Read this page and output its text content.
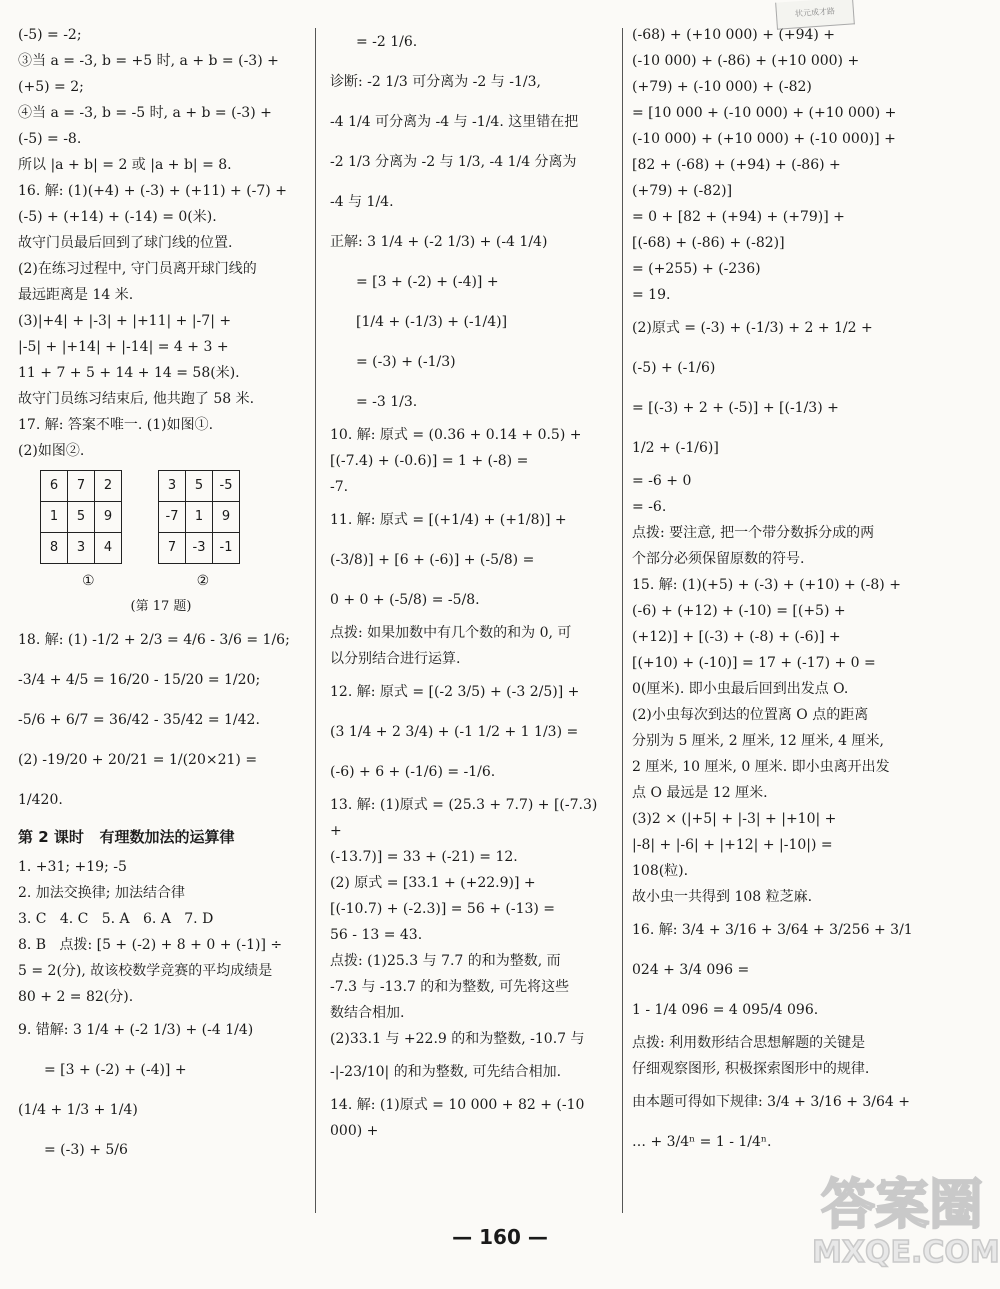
状元成才路

(-5) = -2;

③当 a = -3, b = +5 时, a + b = (-3) +

(+5) = 2;

④当 a = -3, b = -5 时, a + b = (-3) +

(-5) = -8.

所以 |a + b| = 2 或 |a + b| = 8.

16. 解: (1)(+4) + (-3) + (+11) + (-7) +

(-5) + (+14) + (-14) = 0(米).

故守门员最后回到了球门线的位置.

(2)在练习过程中, 守门员离开球门线的

最远距离是 14 米.

(3)|+4| + |-3| + |+11| + |-7| +

|-5| + |+14| + |-14| = 4 + 3 +

11 + 7 + 5 + 14 + 14 = 58(米).

故守门员练习结束后, 他共跑了 58 米.

17. 解: 答案不唯一. (1)如图①.

(2)如图②.

6	7	2
1	5	9
8	3	4
3	5	-5
-7	1	9
7	-3	-1
①	②

(第 17 题)

18. 解: (1) -1/2 + 2/3 = 4/6 - 3/6 = 1/6;

-3/4 + 4/5 = 16/20 - 15/20 = 1/20;

-5/6 + 6/7 = 36/42 - 35/42 = 1/42.

(2) -19/20 + 20/21 = 1/(20×21) = 1/420.

第 2 课时   有理数加法的运算律

1. +31; +19; -5

2. 加法交换律; 加法结合律

3. C   4. C   5. A   6. A   7. D

8. B   点拨: [5 + (-2) + 8 + 0 + (-1)] ÷

5 = 2(分), 故该校数学竞赛的平均成绩是

80 + 2 = 82(分).

9. 错解: 3 1/4 + (-2 1/3) + (-4 1/4)

= [3 + (-2) + (-4)] +

(1/4 + 1/3 + 1/4)

= (-3) + 5/6

= -2 1/6.

诊断: -2 1/3 可分离为 -2 与 -1/3,

-4 1/4 可分离为 -4 与 -1/4. 这里错在把

-2 1/3 分离为 -2 与 1/3, -4 1/4 分离为

-4 与 1/4.

正解: 3 1/4 + (-2 1/3) + (-4 1/4)

= [3 + (-2) + (-4)] +

[1/4 + (-1/3) + (-1/4)]

= (-3) + (-1/3)

= -3 1/3.

10. 解: 原式 = (0.36 + 0.14 + 0.5) +

[(-7.4) + (-0.6)] = 1 + (-8) =

-7.

11. 解: 原式 = [(+1/4) + (+1/8)] +

(-3/8)] + [6 + (-6)] + (-5/8) =

0 + 0 + (-5/8) = -5/8.

点拨: 如果加数中有几个数的和为 0, 可

以分别结合进行运算.

12. 解: 原式 = [(-2 3/5) + (-3 2/5)] +

(3 1/4 + 2 3/4) + (-1 1/2 + 1 1/3) =

(-6) + 6 + (-1/6) = -1/6.

13. 解: (1)原式 = (25.3 + 7.7) + [(-7.3) +

(-13.7)] = 33 + (-21) = 12.

(2) 原式 = [33.1 + (+22.9)] +

[(-10.7) + (-2.3)] = 56 + (-13) =

56 - 13 = 43.

点拨: (1)25.3 与 7.7 的和为整数, 而

-7.3 与 -13.7 的和为整数, 可先将这些

数结合相加.

(2)33.1 与 +22.9 的和为整数, -10.7 与

-|-23/10| 的和为整数, 可先结合相加.

14. 解: (1)原式 = 10 000 + 82 + (-10 000) +

(-68) + (+10 000) + (+94) +

(-10 000) + (-86) + (+10 000) +

(+79) + (-10 000) + (-82)

= [10 000 + (-10 000) + (+10 000) +

(-10 000) + (+10 000) + (-10 000)] +

[82 + (-68) + (+94) + (-86) +

(+79) + (-82)]

= 0 + [82 + (+94) + (+79)] +

[(-68) + (-86) + (-82)]

= (+255) + (-236)

= 19.

(2)原式 = (-3) + (-1/3) + 2 + 1/2 +

(-5) + (-1/6)

= [(-3) + 2 + (-5)] + [(-1/3) +

1/2 + (-1/6)]

= -6 + 0

= -6.

点拨: 要注意, 把一个带分数拆分成的两

个部分必须保留原数的符号.

15. 解: (1)(+5) + (-3) + (+10) + (-8) +

(-6) + (+12) + (-10) = [(+5) +

(+12)] + [(-3) + (-8) + (-6)] +

[(+10) + (-10)] = 17 + (-17) + 0 =

0(厘米). 即小虫最后回到出发点 O.

(2)小虫每次到达的位置离 O 点的距离

分别为 5 厘米, 2 厘米, 12 厘米, 4 厘米,

2 厘米, 10 厘米, 0 厘米. 即小虫离开出发

点 O 最远是 12 厘米.

(3)2 × (|+5| + |-3| + |+10| +

|-8| + |-6| + |+12| + |-10|) =

108(粒).

故小虫一共得到 108 粒芝麻.

16. 解: 3/4 + 3/16 + 3/64 + 3/256 + 3/1 024 + 3/4 096 =

1 - 1/4 096 = 4 095/4 096.

点拨: 利用数形结合思想解题的关键是

仔细观察图形, 积极探索图形中的规律.

由本题可得如下规律: 3/4 + 3/16 + 3/64 +

… + 3/4ⁿ = 1 - 1/4ⁿ.

— 160 —
答案圈
MXQE.COM
